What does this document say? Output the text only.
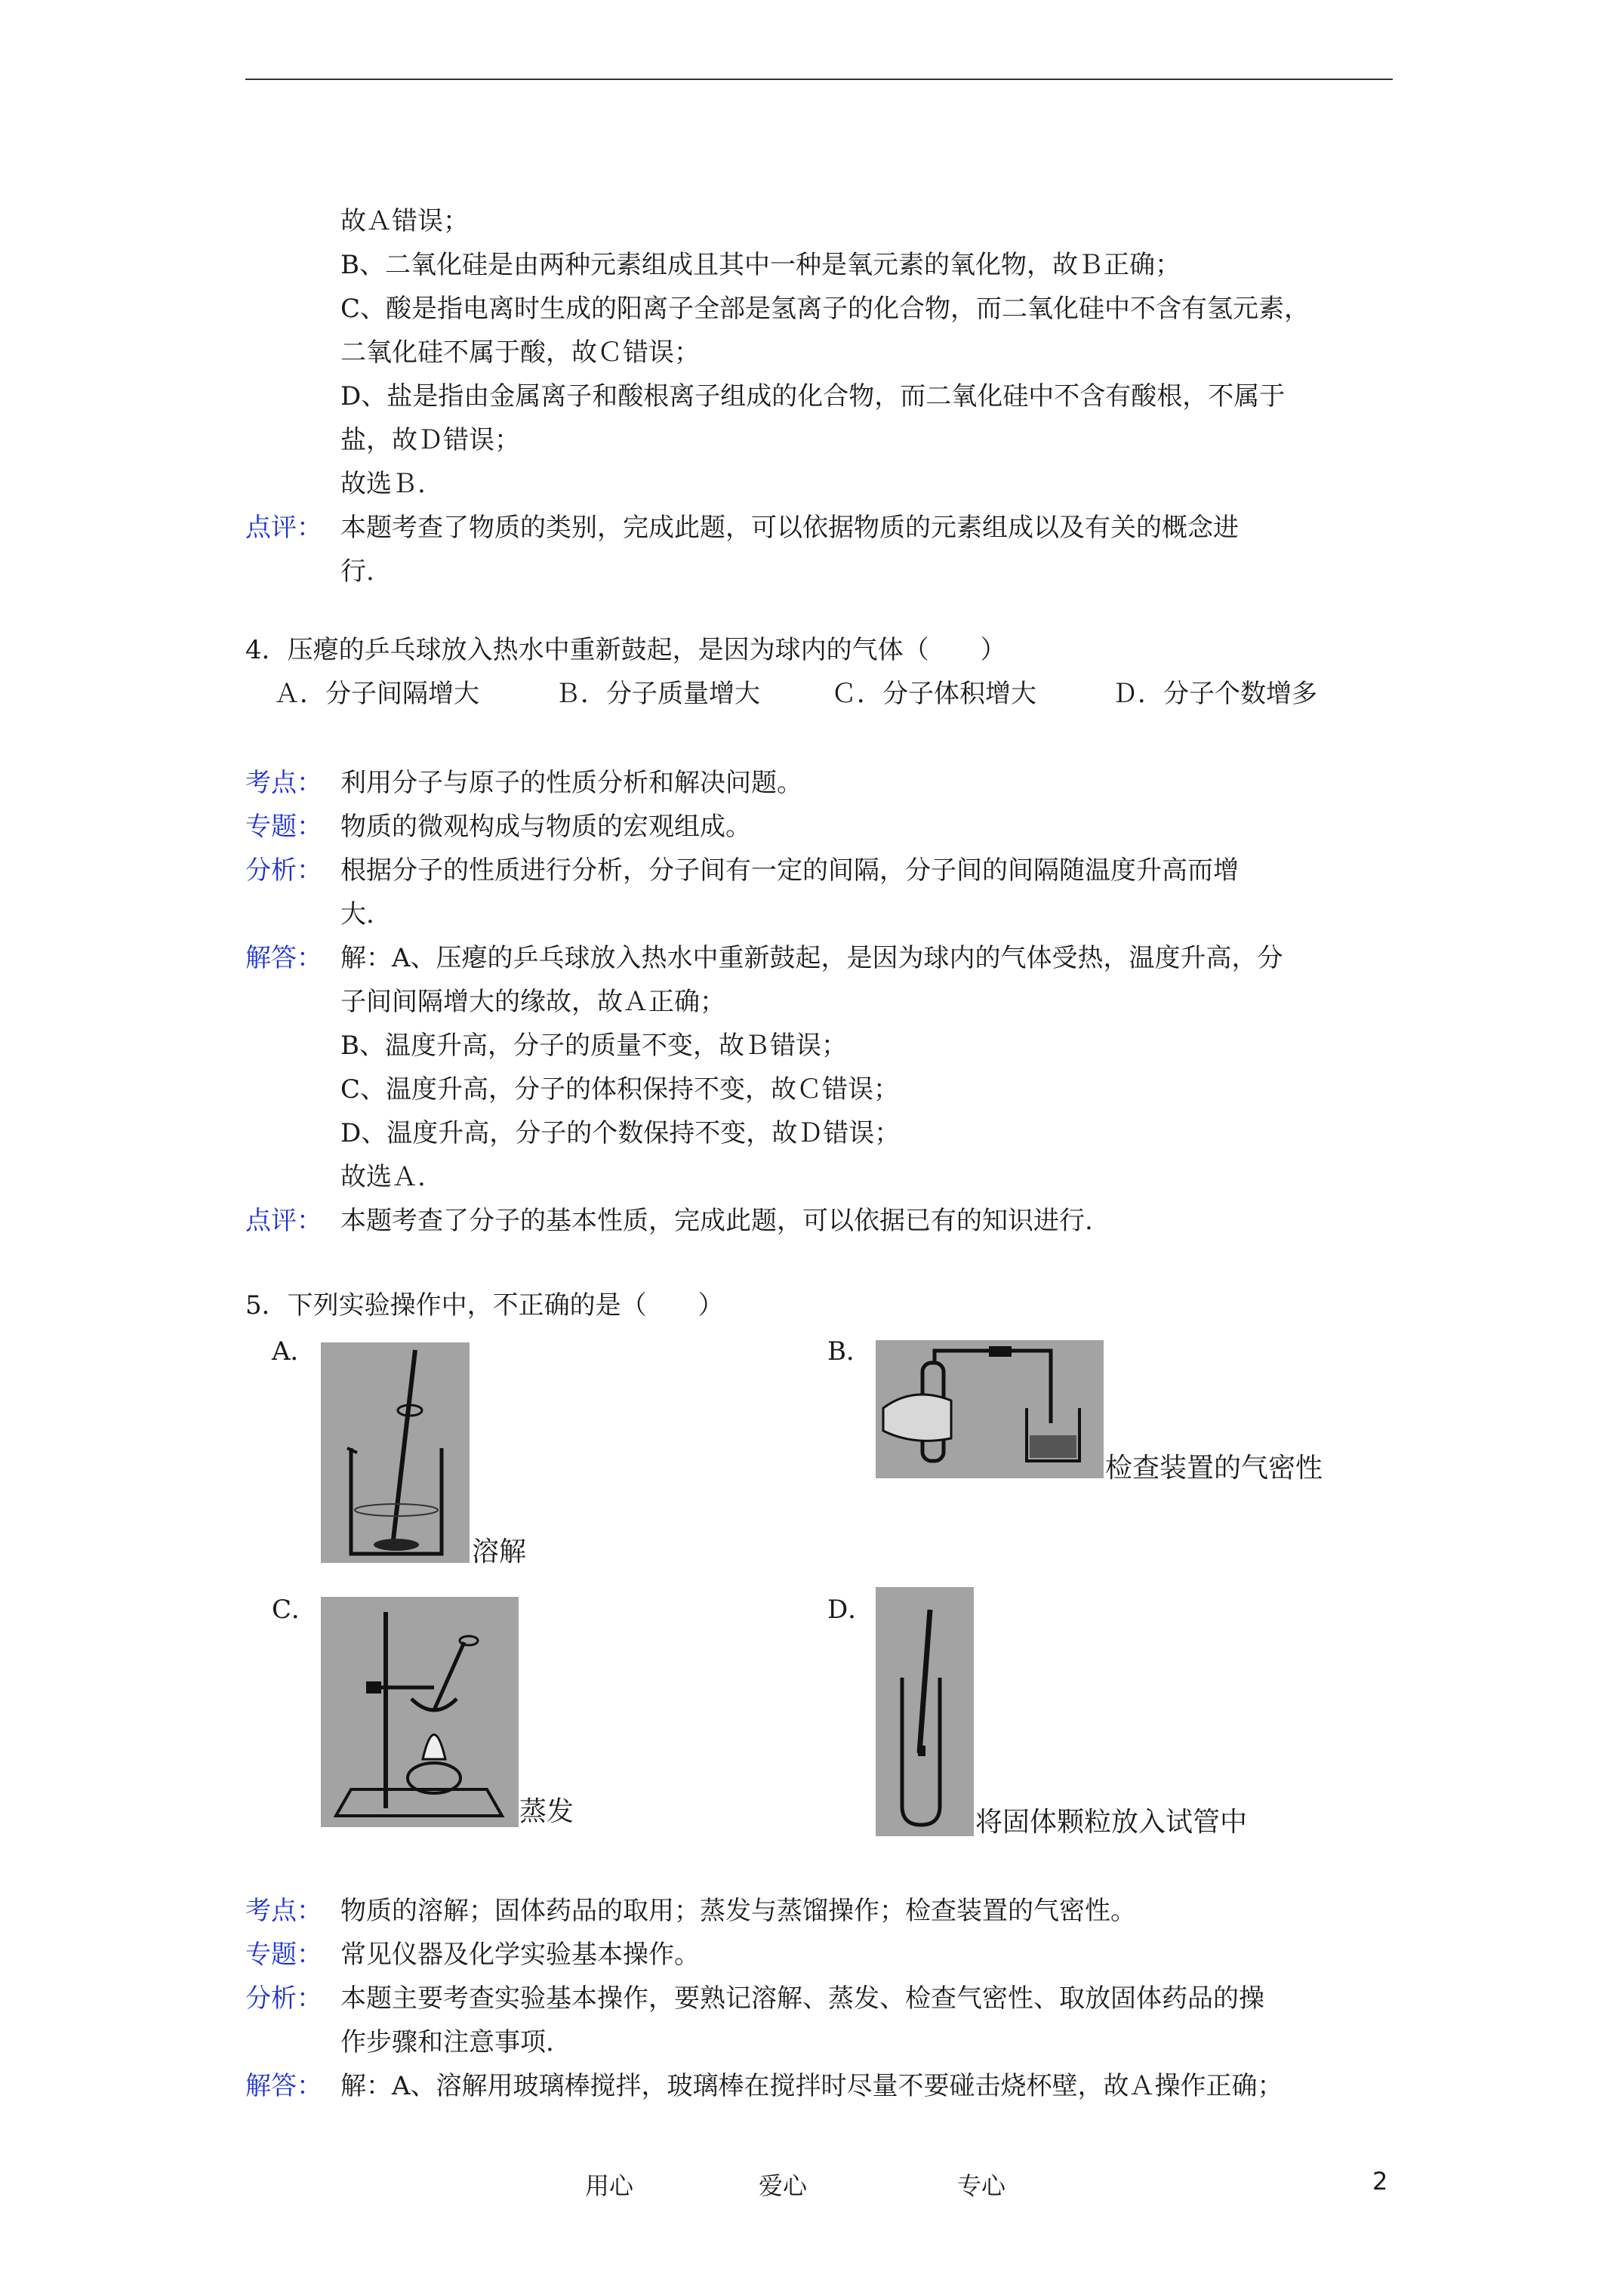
故Ａ错误；
B、二氧化硅是由两种元素组成且其中一种是氧元素的氧化物，故Ｂ正确；
C、酸是指电离时生成的阳离子全部是氢离子的化合物，而二氧化硅中不含有氢元素，
二氧化硅不属于酸，故Ｃ错误；
D、盐是指由金属离子和酸根离子组成的化合物，而二氧化硅中不含有酸根，不属于
盐，故Ｄ错误；
故选Ｂ.
点评： 本题考查了物质的类别，完成此题，可以依据物质的元素组成以及有关的概念进
行.
4．压瘪的乒乓球放入热水中重新鼓起，是因为球内的气体（　　）
Ａ．分子间隔增大	Ｂ．分子质量增大	Ｃ．分子体积增大	Ｄ．分子个数增多
考点： 利用分子与原子的性质分析和解决问题。
专题： 物质的微观构成与物质的宏观组成。
分析： 根据分子的性质进行分析，分子间有一定的间隔，分子间的间隔随温度升高而增
大.
解答： 解：A、压瘪的乒乓球放入热水中重新鼓起，是因为球内的气体受热，温度升高，分
子间间隔增大的缘故，故Ａ正确；
B、温度升高，分子的质量不变，故Ｂ错误；
C、温度升高，分子的体积保持不变，故Ｃ错误；
D、温度升高，分子的个数保持不变，故Ｄ错误；
故选Ａ.
点评： 本题考查了分子的基本性质，完成此题，可以依据已有的知识进行.
5．下列实验操作中，不正确的是（　　）
A．
溶解
B．
检查装置的气密性
C．
蒸发
D．
将固体颗粒放入试管中
考点： 物质的溶解；固体药品的取用；蒸发与蒸馏操作；检查装置的气密性。
专题： 常见仪器及化学实验基本操作。
分析： 本题主要考查实验基本操作，要熟记溶解、蒸发、检查气密性、取放固体药品的操
作步骤和注意事项.
解答： 解：A、溶解用玻璃棒搅拌，玻璃棒在搅拌时尽量不要碰击烧杯壁，故Ａ操作正确；
用心	爱心	专心	2
